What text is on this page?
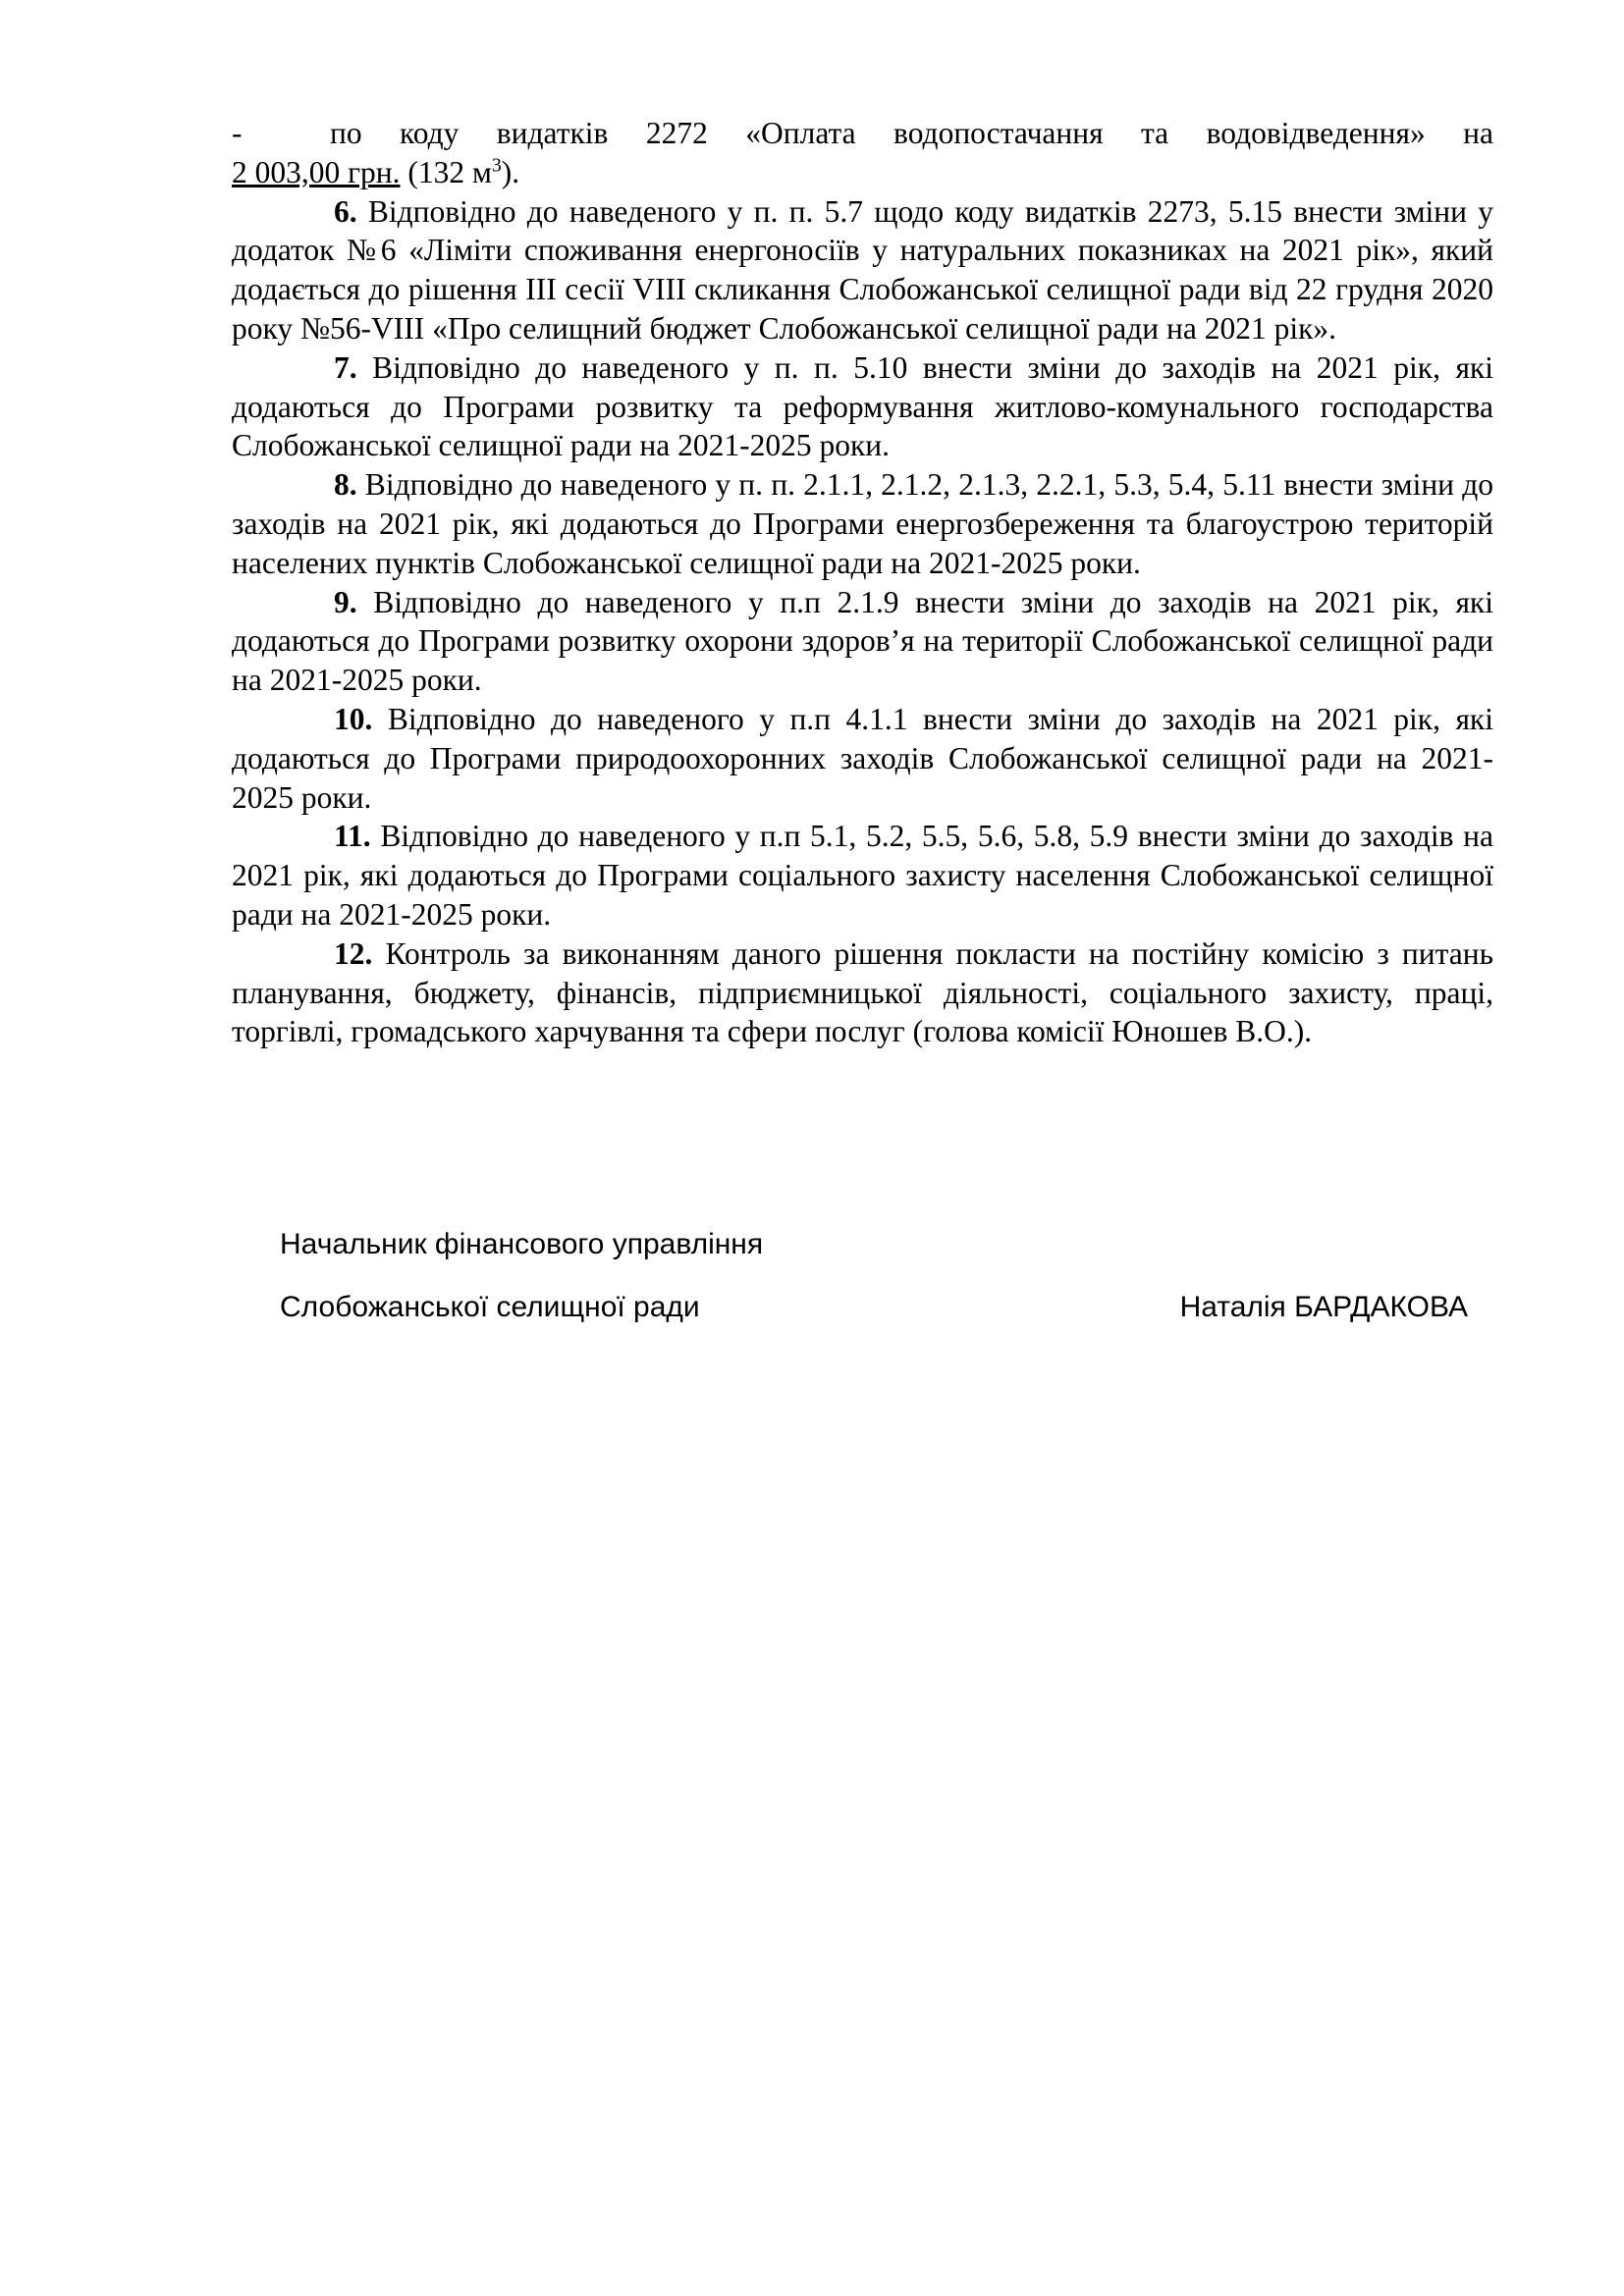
-	по коду видатків 2272 «Оплата водопостачання та водовідведення» на

2 003,00 грн. (132 $м^3$).

6. Відповідно до наведеного у п. п. 5.7 щодо коду видатків 2273, 5.15 внести зміни у додаток №6 «Ліміти споживання енергоносіїв у натуральних показниках на 2021 рік», який додається до рішення ІІІ сесії VІІІ скликання Слобожанської селищної ради від 22 грудня 2020 року №56-VІІІ «Про селищний бюджет Слобожанської селищної ради на 2021 рік».

7. Відповідно до наведеного у п. п. 5.10 внести зміни до заходів на 2021 рік, які додаються до Програми розвитку та реформування житлово-комунального господарства Слобожанської селищної ради на 2021-2025 роки.

8. Відповідно до наведеного у п. п. 2.1.1, 2.1.2, 2.1.3, 2.2.1, 5.3, 5.4, 5.11 внести зміни до заходів на 2021 рік, які додаються до Програми енергозбереження та благоустрою територій населених пунктів Слобожанської селищної ради на 2021-2025 роки.

9. Відповідно до наведеного у п.п 2.1.9 внести зміни до заходів на 2021 рік, які додаються до Програми розвитку охорони здоров’я на території Слобожанської селищної ради на 2021-2025 роки.

10. Відповідно до наведеного у п.п 4.1.1 внести зміни до заходів на 2021 рік, які додаються до Програми природоохоронних заходів Слобожанської селищної ради на 2021-2025 роки.

11. Відповідно до наведеного у п.п 5.1, 5.2, 5.5, 5.6, 5.8, 5.9 внести зміни до заходів на 2021 рік, які додаються до Програми соціального захисту населення Слобожанської селищної ради на 2021-2025 роки.

12. Контроль за виконанням даного рішення покласти на постійну комісію з питань планування, бюджету, фінансів, підприємницької діяльності, соціального захисту, праці, торгівлі, громадського харчування та сфери послуг (голова комісії Юношев В.О.).

Начальник фінансового управління
Слобожанської селищної ради	Наталія БАРДАКОВА
